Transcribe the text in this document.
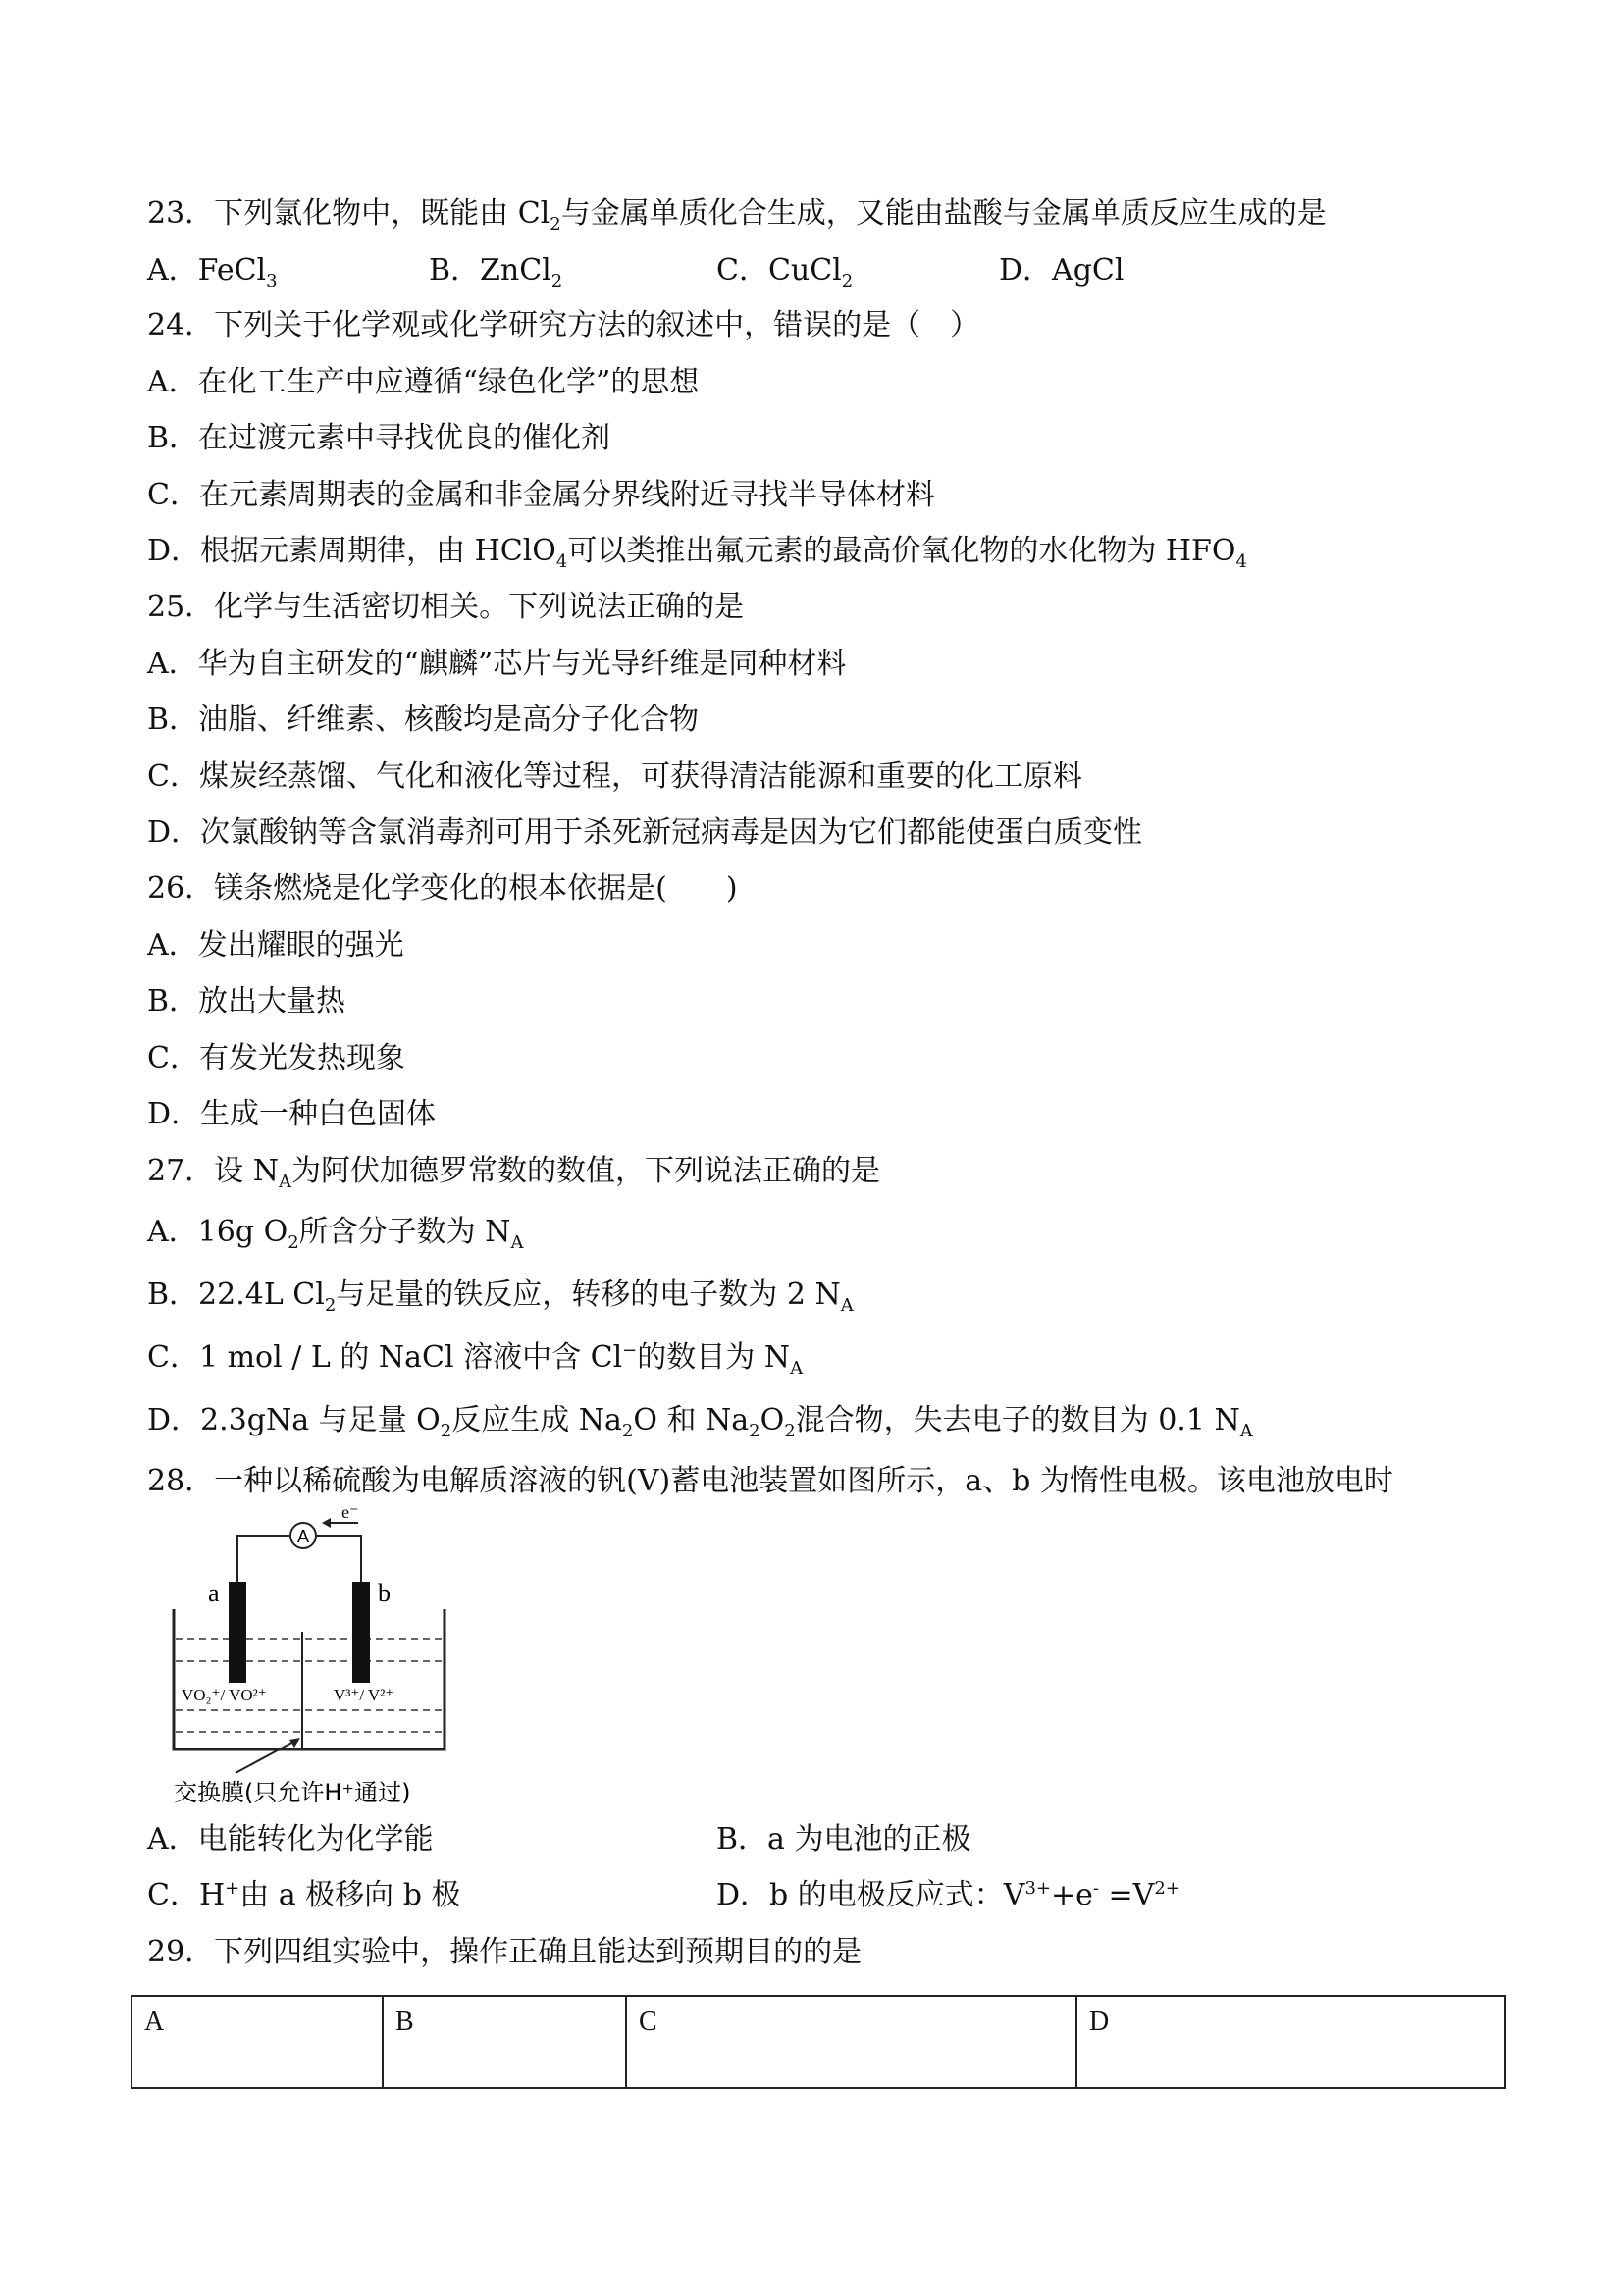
23．下列氯化物中，既能由 $Cl_2$与金属单质化合生成，又能由盐酸与金属单质反应生成的是
A．FeCl$_3$	B．ZnCl$_2$	C．CuCl$_2$	D．AgCl
24．下列关于化学观或化学研究方法的叙述中，错误的是（　）
A．在化工生产中应遵循“绿色化学”的思想
B．在过渡元素中寻找优良的催化剂
C．在元素周期表的金属和非金属分界线附近寻找半导体材料
D．根据元素周期律，由 HClO$_4$可以类推出氟元素的最高价氧化物的水化物为 $HFO_4$
25．化学与生活密切相关。下列说法正确的是
A．华为自主研发的“麒麟”芯片与光导纤维是同种材料
B．油脂、纤维素、核酸均是高分子化合物
C．煤炭经蒸馏、气化和液化等过程，可获得清洁能源和重要的化工原料
D．次氯酸钠等含氯消毒剂可用于杀死新冠病毒是因为它们都能使蛋白质变性
26．镁条燃烧是化学变化的根本依据是(　　)
A．发出耀眼的强光
B．放出大量热
C．有发光发热现象
D．生成一种白色固体
27．设 $N_A$为阿伏加德罗常数的数值，下列说法正确的是
A．16g $O_2$所含分子数为 $N_A$
B．22.4L $Cl_2$与足量的铁反应，转移的电子数为 2 $N_A$
C．1 mol / L 的 NaCl 溶液中含 Cl−的数目为 $N_A$
D．2.3gNa 与足量 $O_2$反应生成 $Na_2O$ 和 $Na_2O_2$混合物，失去电子的数目为 0.1 $N_A$
28．一种以稀硫酸为电解质溶液的钒(V)蓄电池装置如图所示，a、b 为惰性电极。该电池放电时
A
e⁻
a	b
VO₂⁺/ VO²⁺	V³⁺/ V²⁺
交换膜(只允许H⁺通过)
A．电能转化为化学能	B．a 为电池的正极
C．H+由 a 极移向 b 极	D．b 的电极反应式：$V^{3+}+e^- =V^{2+}$
29．下列四组实验中，操作正确且能达到预期目的的是
A	B	C	D
